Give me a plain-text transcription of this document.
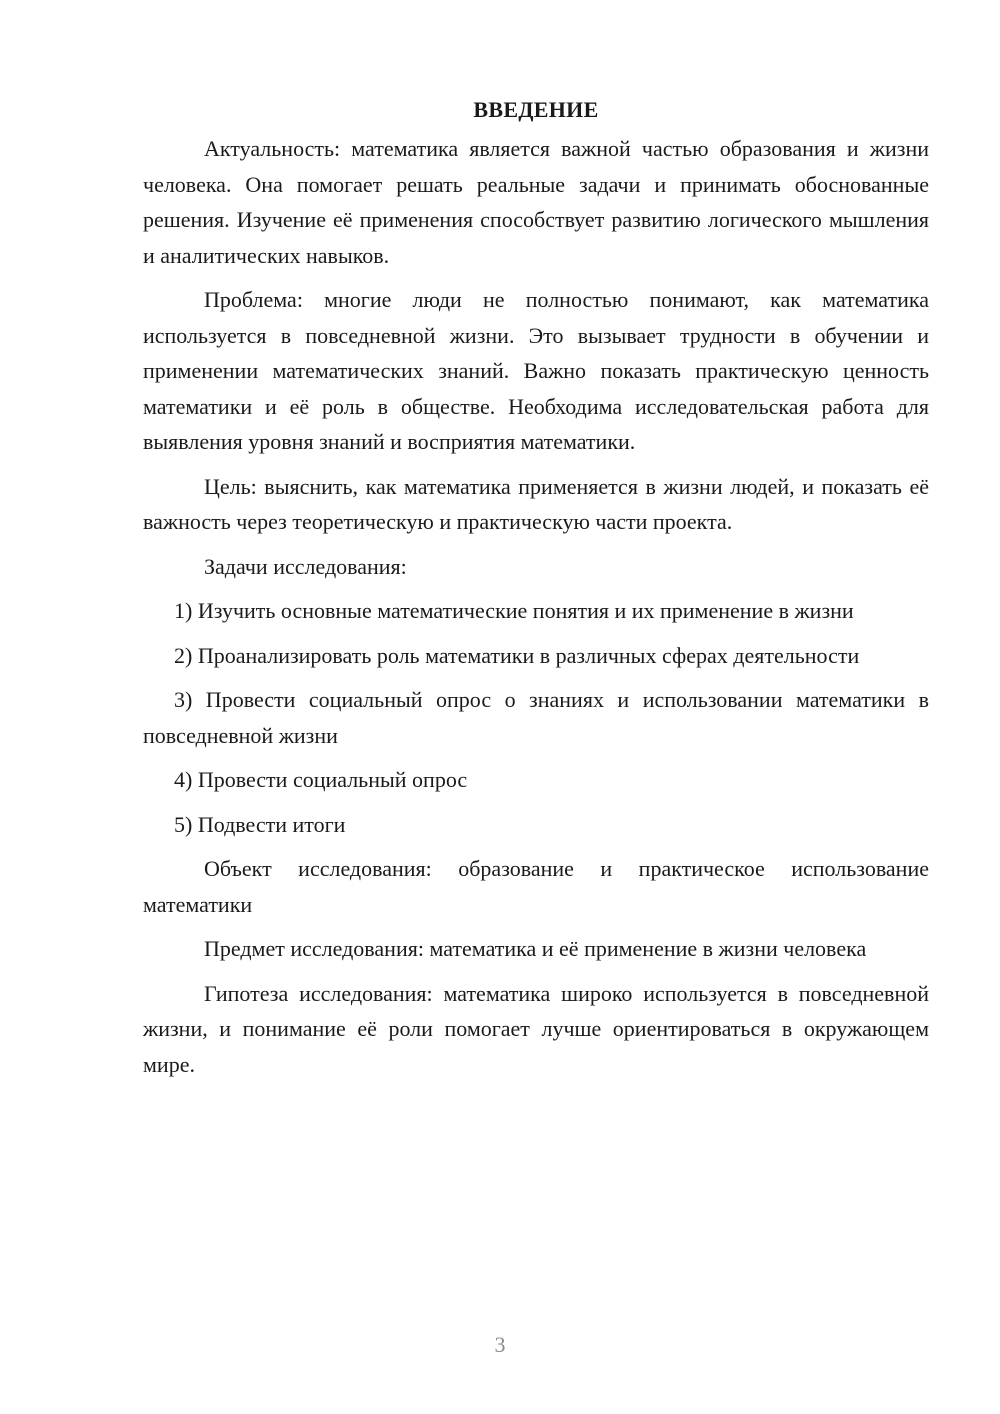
ВВЕДЕНИЕ

Актуальность: математика является важной частью образования и жизни человека. Она помогает решать реальные задачи и принимать обоснованные решения. Изучение её применения способствует развитию логического мышления и аналитических навыков.

Проблема: многие люди не полностью понимают, как математика используется в повседневной жизни. Это вызывает трудности в обучении и применении математических знаний. Важно показать практическую ценность математики и её роль в обществе. Необходима исследовательская работа для выявления уровня знаний и восприятия математики.

Цель: выяснить, как математика применяется в жизни людей, и показать её важность через теоретическую и практическую части проекта.

Задачи исследования:

1) Изучить основные математические понятия и их применение в жизни

2) Проанализировать роль математики в различных сферах деятельности

3) Провести социальный опрос о знаниях и использовании математики в повседневной жизни

4) Провести социальный опрос

5) Подвести итоги

Объект исследования: образование и практическое использование математики

Предмет исследования: математика и её применение в жизни человека

Гипотеза исследования: математика широко используется в повседневной жизни, и понимание её роли помогает лучше ориентироваться в окружающем мире.

3
